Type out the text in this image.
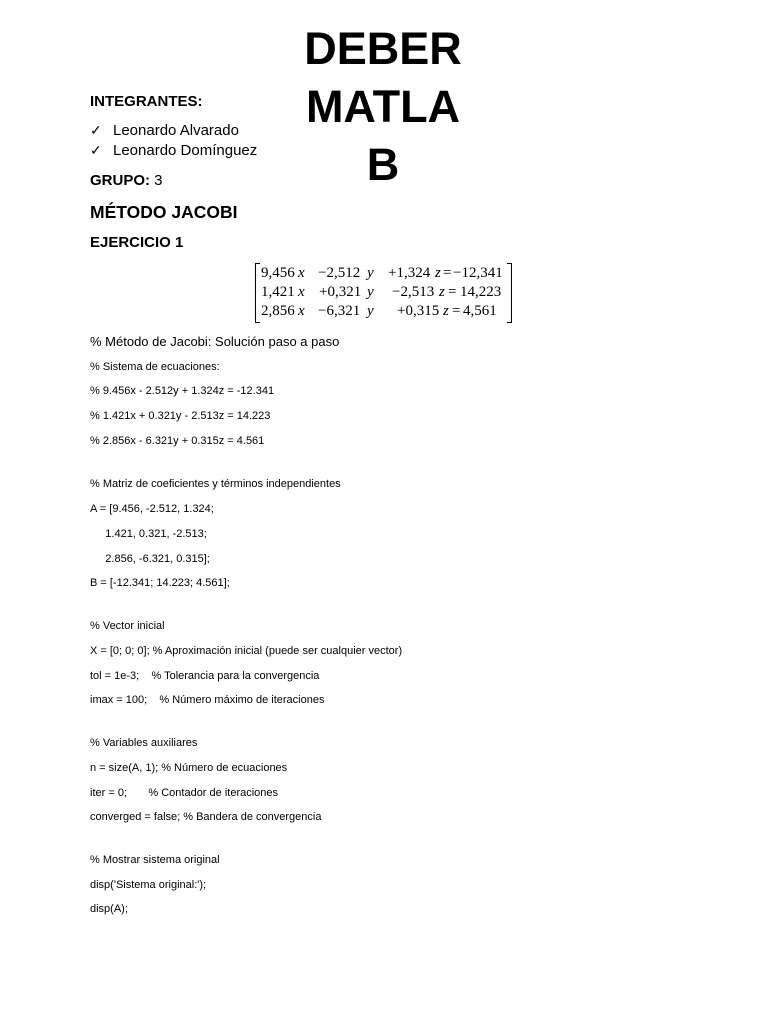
DEBER
MATLA
B
INTEGRANTES:
✓ Leonardo Alvarado
✓ Leonardo Domínguez
GRUPO: 3
MÉTODO JACOBI
EJERCICIO 1
9,456 x −2,512 y +1,324 z = −12,341
1,421 x +0,321 y −2,513 z = 14,223
2,856 x −6,321 y +0,315 z = 4,561
% Método de Jacobi: Solución paso a paso
% Sistema de ecuaciones:
% 9.456x - 2.512y + 1.324z = -12.341
% 1.421x + 0.321y - 2.513z = 14.223
% 2.856x - 6.321y + 0.315z = 4.561
% Matriz de coeficientes y términos independientes
A = [9.456, -2.512, 1.324;
1.421, 0.321, -2.513;
2.856, -6.321, 0.315];
B = [-12.341; 14.223; 4.561];
% Vector inicial
X = [0; 0; 0]; % Aproximación inicial (puede ser cualquier vector)
tol = 1e-3;    % Tolerancia para la convergencia
imax = 100;    % Número máximo de iteraciones
% Variables auxiliares
n = size(A, 1); % Número de ecuaciones
iter = 0;       % Contador de iteraciones
converged = false; % Bandera de convergencia
% Mostrar sistema original
disp('Sistema original:');
disp(A);
